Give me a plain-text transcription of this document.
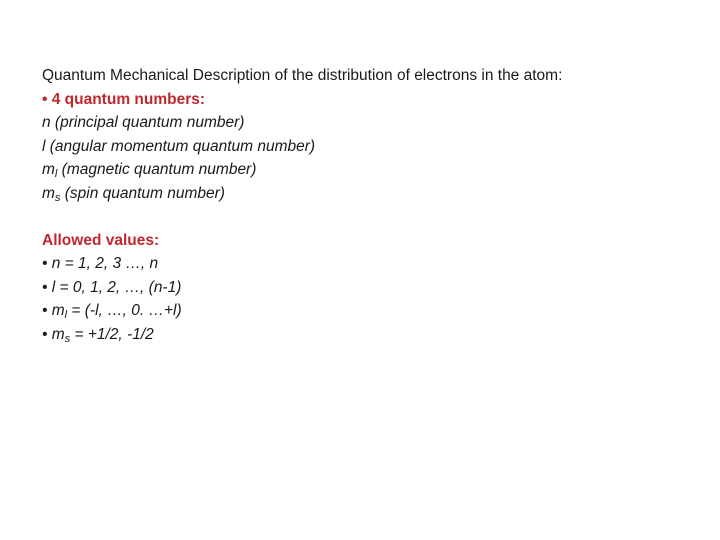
Quantum Mechanical Description of the distribution of electrons in the atom:

• 4 quantum numbers:

n (principal quantum number)

l (angular momentum quantum number)

$m_l$ (magnetic quantum number)

$m_s$ (spin quantum number)

Allowed values:

• n = 1, 2, 3 …, n

• l = 0, 1, 2, …, (n-1)

• $m_l = (-l$, …, 0. …+l)

• $m_s = +1/2$, -1/2
